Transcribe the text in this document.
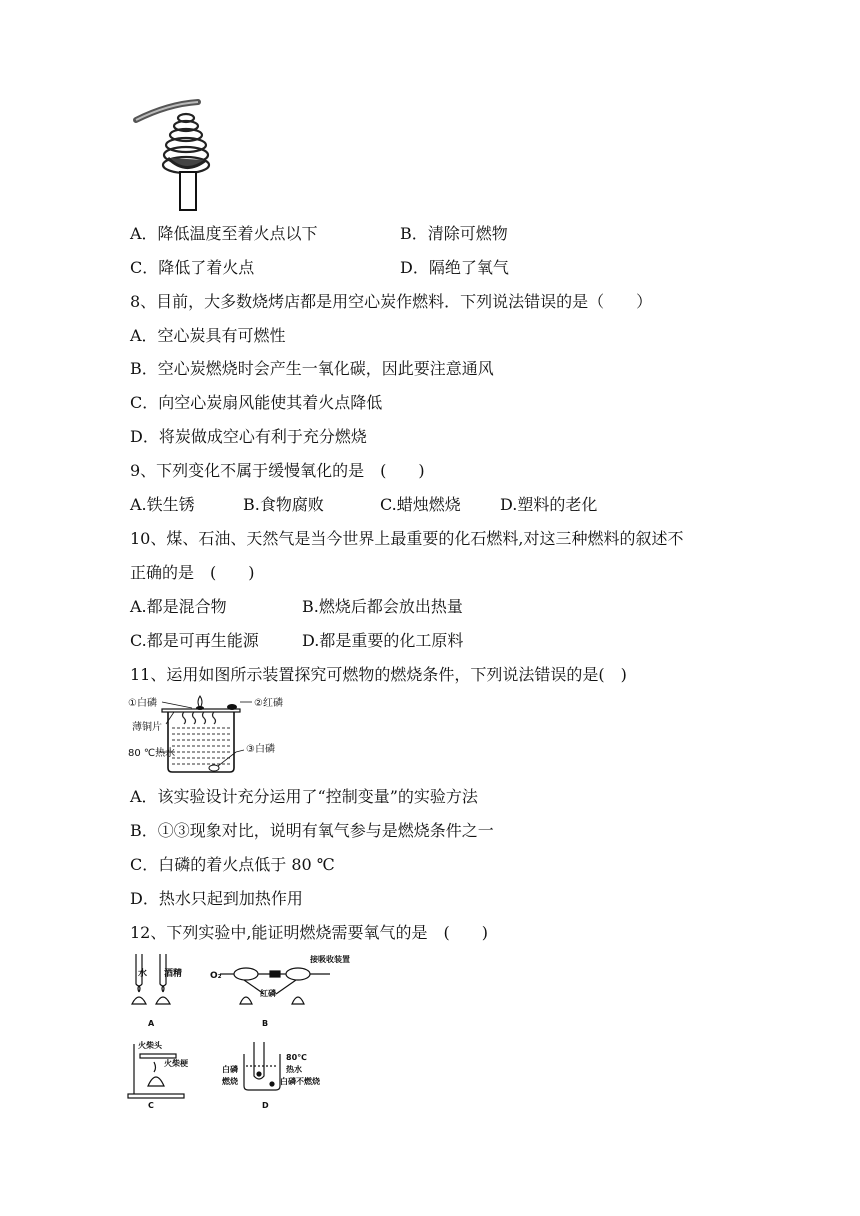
A．降低温度至着火点以下	B．清除可燃物
C．降低了着火点	D．隔绝了氧气
8、目前，大多数烧烤店都是用空心炭作燃料．下列说法错误的是（　　）
A．空心炭具有可燃性
B．空心炭燃烧时会产生一氧化碳，因此要注意通风
C．向空心炭扇风能使其着火点降低
D．将炭做成空心有利于充分燃烧
9、下列变化不属于缓慢氧化的是　(　　)
A.铁生锈	B.食物腐败	C.蜡烛燃烧 D.塑料的老化
10、煤、石油、天然气是当今世界上最重要的化石燃料,对这三种燃料的叙述不
正确的是　(　　)
A.都是混合物	B.燃烧后都会放出热量
C.都是可再生能源	D.都是重要的化工原料
11、运用如图所示装置探究可燃物的燃烧条件，下列说法错误的是(　)
①白磷	②红磷
薄铜片
80 ℃热水	③白磷
A．该实验设计充分运用了“控制变量”的实验方法
B．①③现象对比，说明有氧气参与是燃烧条件之一
C．白磷的着火点低于 80 ℃
D．热水只起到加热作用
12、下列实验中,能证明燃烧需要氧气的是　(　　)
水 酒精
A
O₂
接吸收装置
红磷
B
火柴头
火柴梗
C
80℃
热水
白磷不燃烧
白磷
燃烧
D
